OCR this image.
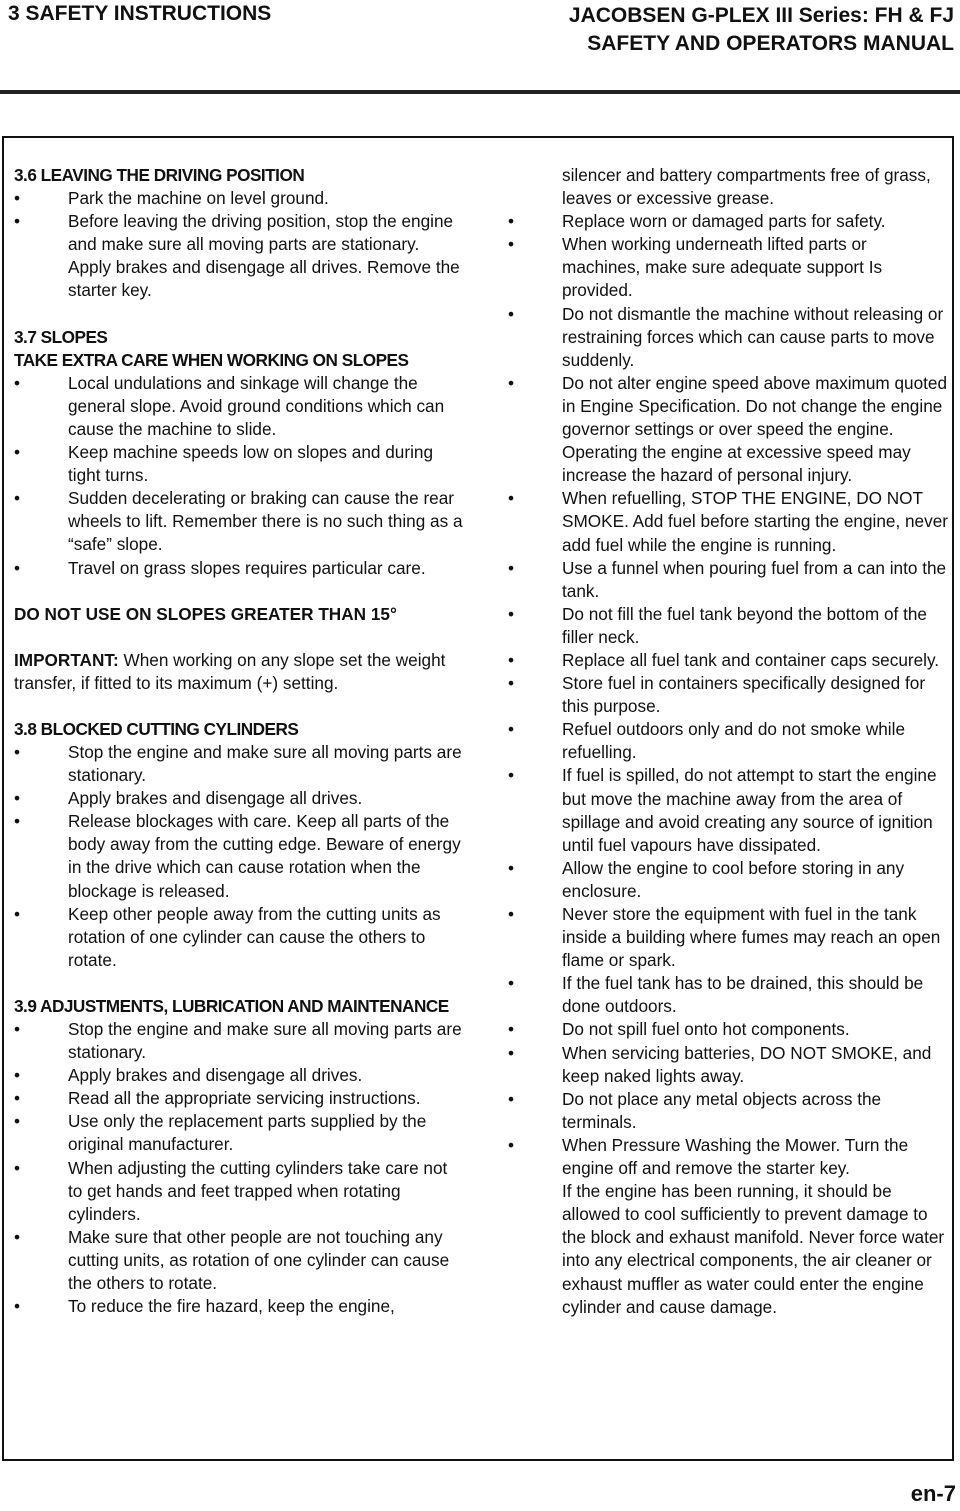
3 SAFETY INSTRUCTIONS	JACOBSEN G-PLEX III Series: FH & FJ
SAFETY AND OPERATORS MANUAL
3.6 LEAVING THE DRIVING POSITION
•	Park the machine on level ground.
•	Before leaving the driving position, stop the engine and make sure all moving parts are stationary. Apply brakes and disengage all drives. Remove the starter key.
3.7 SLOPES
TAKE EXTRA CARE WHEN WORKING ON SLOPES
•	Local undulations and sinkage will change the general slope. Avoid ground conditions which can cause the machine to slide.
•	Keep machine speeds low on slopes and during tight turns.
•	Sudden decelerating or braking can cause the rear wheels to lift. Remember there is no such thing as a “safe” slope.
•	Travel on grass slopes requires particular care.
DO NOT USE ON SLOPES GREATER THAN 15°
IMPORTANT: When working on any slope set the weight transfer, if fitted to its maximum (+) setting.
3.8 BLOCKED CUTTING CYLINDERS
•	Stop the engine and make sure all moving parts are stationary.
•	Apply brakes and disengage all drives.
•	Release blockages with care. Keep all parts of the body away from the cutting edge. Beware of energy in the drive which can cause rotation when the blockage is released.
•	Keep other people away from the cutting units as rotation of one cylinder can cause the others to rotate.
3.9 ADJUSTMENTS, LUBRICATION AND MAINTENANCE
•	Stop the engine and make sure all moving parts are stationary.
•	Apply brakes and disengage all drives.
•	Read all the appropriate servicing instructions.
•	Use only the replacement parts supplied by the original manufacturer.
•	When adjusting the cutting cylinders take care not to get hands and feet trapped when rotating cylinders.
•	Make sure that other people are not touching any cutting units, as rotation of one cylinder can cause the others to rotate.
•	To reduce the fire hazard, keep the engine,
silencer and battery compartments free of grass, leaves or excessive grease.
•	Replace worn or damaged parts for safety.
•	When working underneath lifted parts or machines, make sure adequate support Is provided.
•	Do not dismantle the machine without releasing or restraining forces which can cause parts to move suddenly.
•	Do not alter engine speed above maximum quoted in Engine Specification. Do not change the engine governor settings or over speed the engine. Operating the engine at excessive speed may increase the hazard of personal injury.
•	When refuelling, STOP THE ENGINE, DO NOT SMOKE. Add fuel before starting the engine, never add fuel while the engine is running.
•	Use a funnel when pouring fuel from a can into the tank.
•	Do not fill the fuel tank beyond the bottom of the filler neck.
•	Replace all fuel tank and container caps securely.
•	Store fuel in containers specifically designed for this purpose.
•	Refuel outdoors only and do not smoke while refuelling.
•	If fuel is spilled, do not attempt to start the engine but move the machine away from the area of spillage and avoid creating any source of ignition until fuel vapours have dissipated.
•	Allow the engine to cool before storing in any enclosure.
•	Never store the equipment with fuel in the tank inside a building where fumes may reach an open flame or spark.
•	If the fuel tank has to be drained, this should be done outdoors.
•	Do not spill fuel onto hot components.
•	When servicing batteries, DO NOT SMOKE, and keep naked lights away.
•	Do not place any metal objects across the terminals.
•	When Pressure Washing the Mower. Turn the engine off and remove the starter key.
If the engine has been running, it should be allowed to cool sufficiently to prevent damage to the block and exhaust manifold. Never force water into any electrical components, the air cleaner or exhaust muffler as water could enter the engine cylinder and cause damage.
en-7
